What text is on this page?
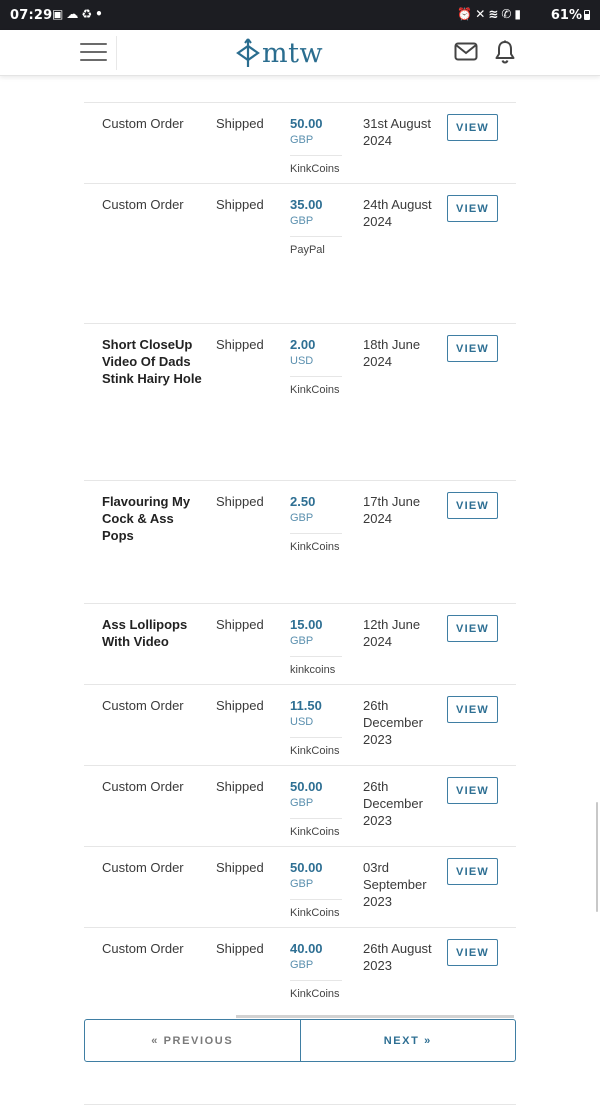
07:29 ▣☁♻•	⏰✕≋✆▮ 61%
mtw
Custom Order	Shipped	50.00
GBP
KinkCoins
31st August 2024
VIEW
Custom Order	Shipped	35.00
GBP
PayPal
24th August 2024
VIEW
Short CloseUp Video Of Dads Stink Hairy Hole
Shipped	2.00
USD
KinkCoins
18th June 2024
VIEW
Flavouring My Cock & Ass Pops
Shipped	2.50
GBP
KinkCoins
17th June 2024
VIEW
Ass Lollipops With Video
Shipped	15.00
GBP
kinkcoins
12th June 2024
VIEW
Custom Order	Shipped	11.50
USD
KinkCoins
26th December 2023
VIEW
Custom Order	Shipped	50.00
GBP
KinkCoins
26th December 2023
VIEW
Custom Order	Shipped	50.00
GBP
KinkCoins
03rd September 2023
VIEW
Custom Order	Shipped	40.00
GBP
KinkCoins
26th August 2023
VIEW
« PREVIOUS	NEXT »
